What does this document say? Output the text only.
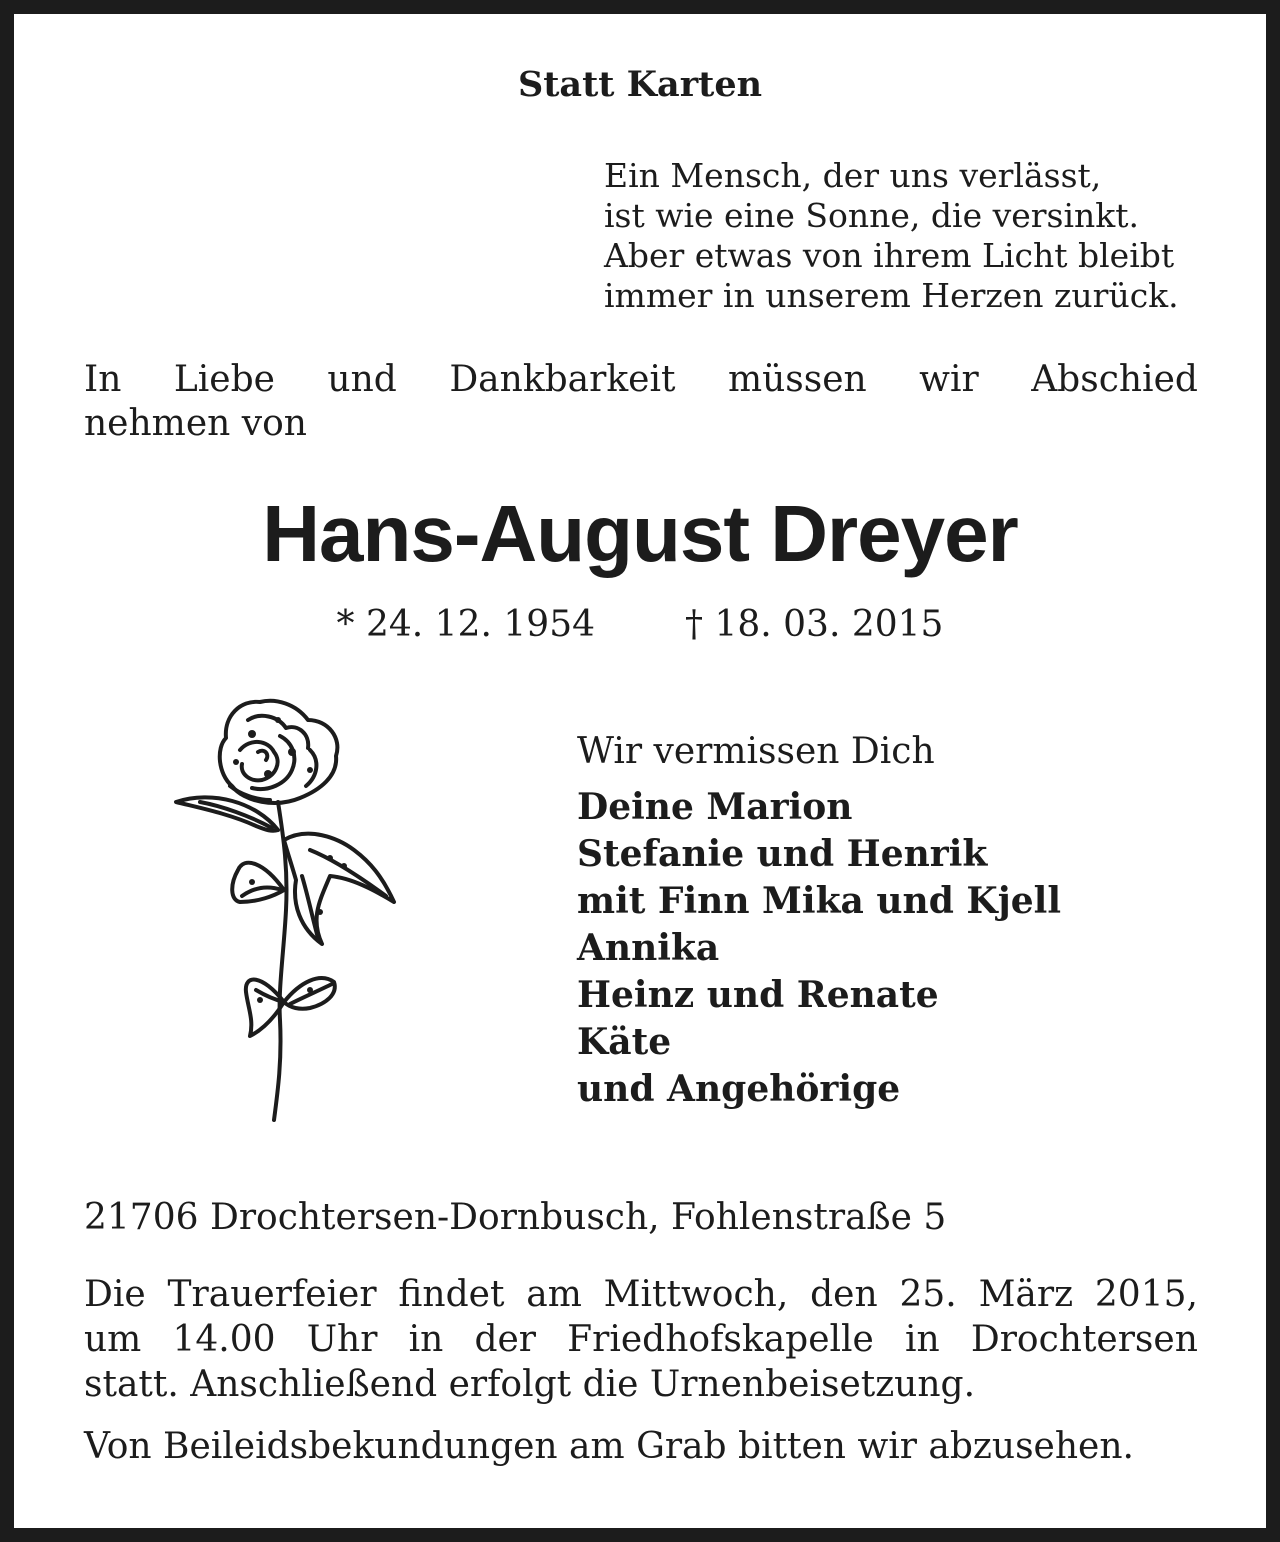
Statt Karten
Ein Mensch, der uns verlässt,
ist wie eine Sonne, die versinkt.
Aber etwas von ihrem Licht bleibt
immer in unserem Herzen zurück.
In Liebe und Dankbarkeit müssen wir Abschied
nehmen von
Hans-August Dreyer
* 24. 12. 1954	† 18. 03. 2015
Wir vermissen Dich
Deine Marion
Stefanie und Henrik
mit Finn Mika und Kjell
Annika
Heinz und Renate
Käte
und Angehörige
21706 Drochtersen-Dornbusch, Fohlenstraße 5
Die Trauerfeier findet am Mittwoch, den 25. März 2015,
um 14.00 Uhr in der Friedhofskapelle in Drochtersen
statt. Anschließend erfolgt die Urnenbeisetzung.
Von Beileidsbekundungen am Grab bitten wir abzusehen.
